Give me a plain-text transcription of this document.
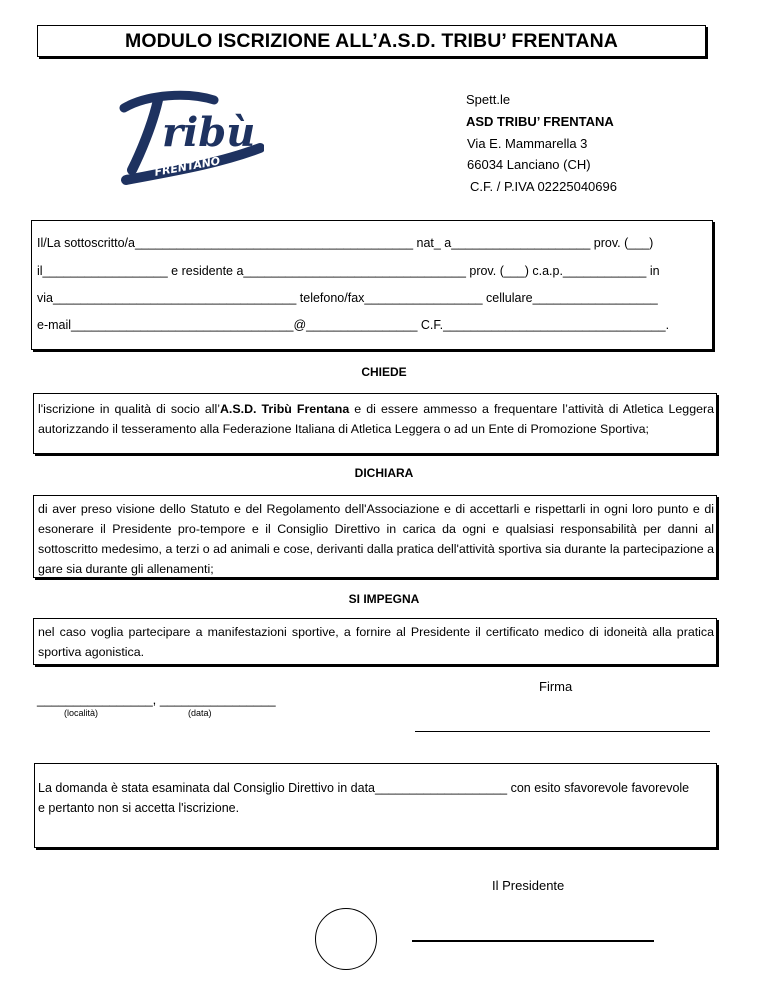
MODULO ISCRIZIONE ALL’A.S.D. TRIBU’ FRENTANA
ribù
FRENTANO
Spett.le
ASD TRIBU’ FRENTANA
Via E. Mammarella 3
66034 Lanciano (CH)
C.F. / P.IVA 02225040696
Il/La sottoscritto/a________________________________________ nat_ a____________________ prov. (___)
il__________________ e residente a________________________________ prov. (___) c.a.p.____________ in
via___________________________________ telefono/fax_________________ cellulare__________________
e-mail________________________________@________________ C.F.________________________________.
CHIEDE
l'iscrizione in qualità di socio all’A.S.D. Tribù Frentana e di essere ammesso a frequentare l’attività di Atletica Leggera autorizzando il tesseramento alla Federazione Italiana di Atletica Leggera o ad un Ente di Promozione Sportiva;
DICHIARA
di aver preso visione dello Statuto e del Regolamento dell'Associazione e di accettarli e rispettarli in ogni loro punto e di esonerare il Presidente pro-tempore e il Consiglio Direttivo in carica da ogni e qualsiasi responsabilità per danni al sottoscritto medesimo, a terzi o ad animali e cose, derivanti dalla pratica dell'attività sportiva sia durante la partecipazione a gare sia durante gli allenamenti;
SI IMPEGNA
nel caso voglia partecipare a manifestazioni sportive, a fornire al Presidente il certificato medico di idoneità alla pratica sportiva agonistica.
Firma
________________, ________________
(località)	(data)
La domanda è stata esaminata dal Consiglio Direttivo in data___________________ con esito sfavorevole favorevole
e pertanto non si accetta l'iscrizione.
Il Presidente
